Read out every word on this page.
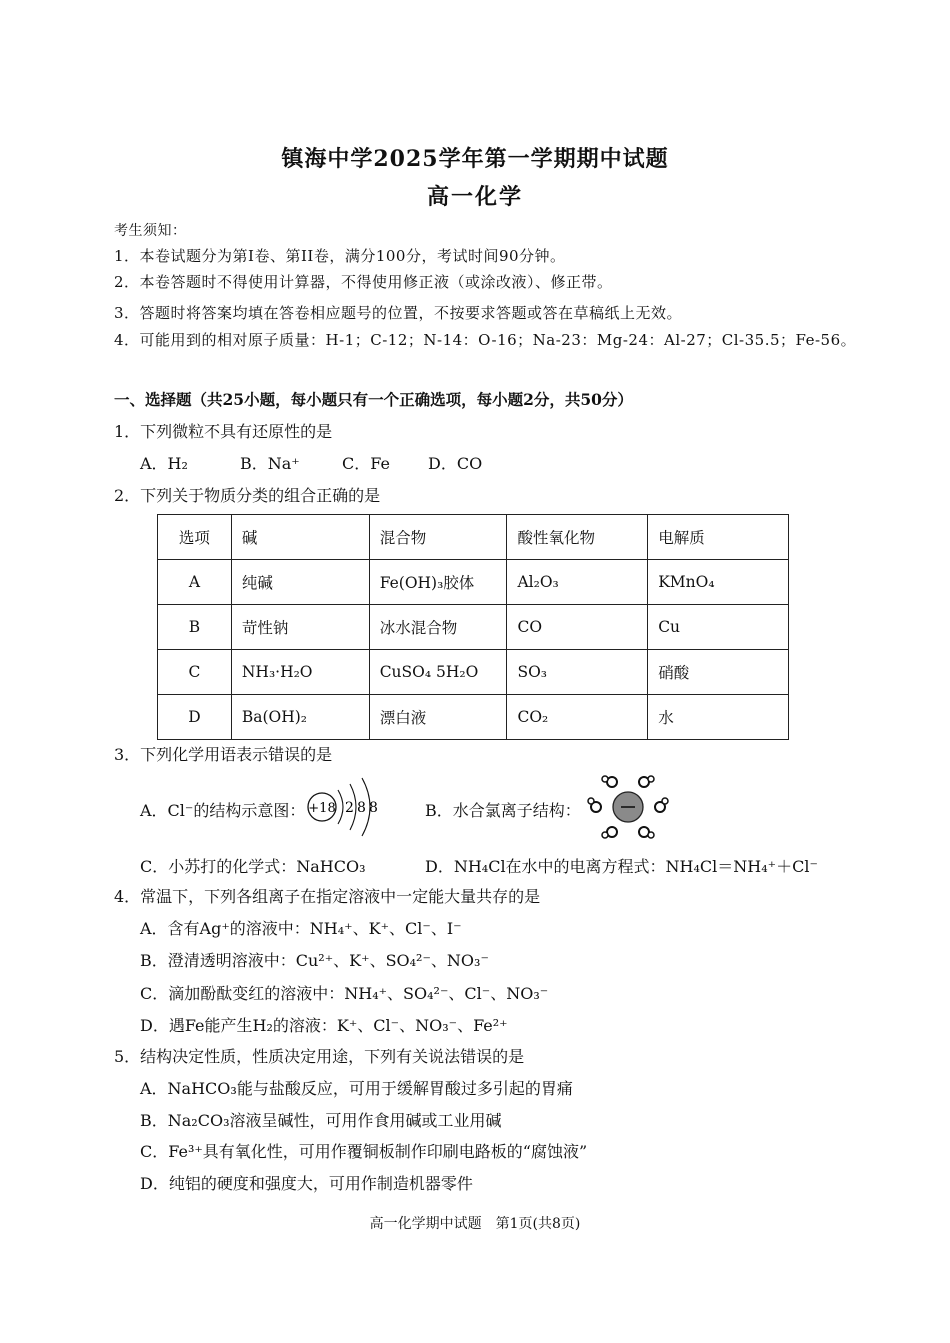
镇海中学2025学年第一学期期中试题
高一化学
考生须知：
1．本卷试题分为第I卷、第II卷，满分100分，考试时间90分钟。
2．本卷答题时不得使用计算器，不得使用修正液（或涂改液）、修正带。
3．答题时将答案均填在答卷相应题号的位置，不按要求答题或答在草稿纸上无效。
4．可能用到的相对原子质量：H-1；C-12；N-14：O-16；Na-23：Mg-24：Al-27；Cl-35.5；Fe-56。
一、选择题（共25小题，每小题只有一个正确选项，每小题2分，共50分）
1．下列微粒不具有还原性的是
A．H₂	B．Na⁺	C．Fe D．CO
2．下列关于物质分类的组合正确的是
选项	碱	混合物	酸性氧化物	电解质
A	纯碱	Fe(OH)₃胶体	Al₂O₃	KMnO₄
B	苛性钠	冰水混合物	CO	Cu
C	NH₃·H₂O	CuSO₄ 5H₂O	SO₃	硝酸
D	Ba(OH)₂	漂白液	CO₂	水
3．下列化学用语表示错误的是
A．Cl⁻的结构示意图： +18 2 8 8	B．水合氯离子结构：
C．小苏打的化学式：NaHCO₃	D．NH₄Cl在水中的电离方程式：NH₄Cl＝NH₄⁺＋Cl⁻
4．常温下，下列各组离子在指定溶液中一定能大量共存的是
A．含有Ag⁺的溶液中：NH₄⁺、K⁺、Cl⁻、I⁻
B．澄清透明溶液中：Cu²⁺、K⁺、SO₄²⁻、NO₃⁻
C．滴加酚酞变红的溶液中：NH₄⁺、SO₄²⁻、Cl⁻、NO₃⁻
D．遇Fe能产生H₂的溶液：K⁺、Cl⁻、NO₃⁻、Fe²⁺
5．结构决定性质，性质决定用途，下列有关说法错误的是
A．NaHCO₃能与盐酸反应，可用于缓解胃酸过多引起的胃痛
B．Na₂CO₃溶液呈碱性，可用作食用碱或工业用碱
C．Fe³⁺具有氧化性，可用作覆铜板制作印刷电路板的“腐蚀液”
D．纯铝的硬度和强度大，可用作制造机器零件
高一化学期中试题　第1页(共8页)
